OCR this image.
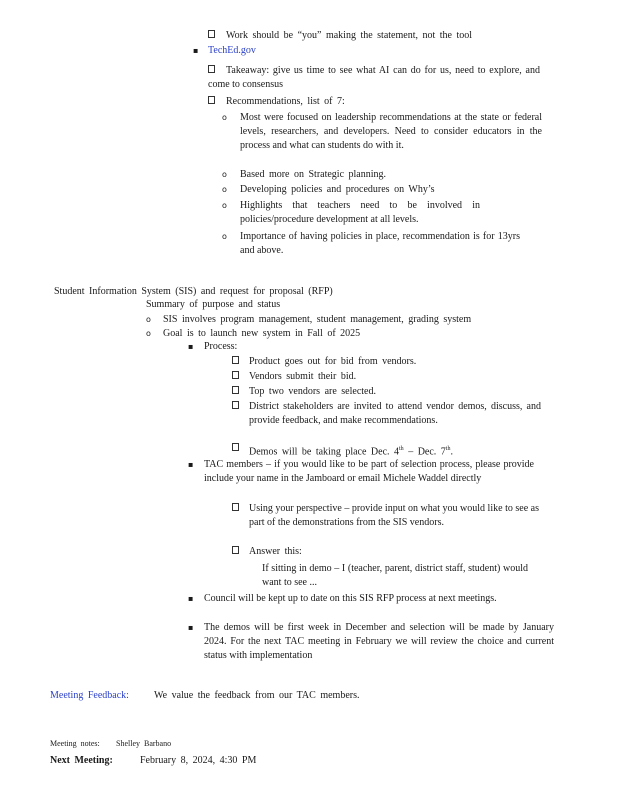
Work should be “you” making the statement, not the tool
▪ TechEd.gov
Takeaway: give us time to see what AI can do for us, need to explore, and come to consensus
Recommendations, list of 7:
o Most were focused on leadership recommendations at the state or federal levels, researchers, and developers. Need to consider educators in the process and what can students do with it.
o Based more on Strategic planning.
o Developing policies and procedures on Why’s
o Highlights that teachers need to be involved in policies/procedure development at all levels.
o Importance of having policies in place, recommendation is for 13yrs and above.
Student Information System (SIS) and request for proposal (RFP)
Summary of purpose and status
o SIS involves program management, student management, grading system
o Goal is to launch new system in Fall of 2025
▪ Process:
Product goes out for bid from vendors.
Vendors submit their bid.
Top two vendors are selected.
District stakeholders are invited to attend vendor demos, discuss, and provide feedback, and make recommendations.
Demos will be taking place Dec. 4th – Dec. 7th.
▪ TAC members – if you would like to be part of selection process, please provide include your name in the Jamboard or email Michele Waddel directly
Using your perspective – provide input on what you would like to see as part of the demonstrations from the SIS vendors.
Answer this:
If sitting in demo – I (teacher, parent, district staff, student) would want to see ...
▪ Council will be kept up to date on this SIS RFP process at next meetings.
▪ The demos will be first week in December and selection will be made by January 2024. For the next TAC meeting in February we will review the choice and current status with implementation
Meeting Feedback:	We value the feedback from our TAC members.
Meeting notes: Shelley Barbano
Next Meeting:	February 8, 2024, 4:30 PM
